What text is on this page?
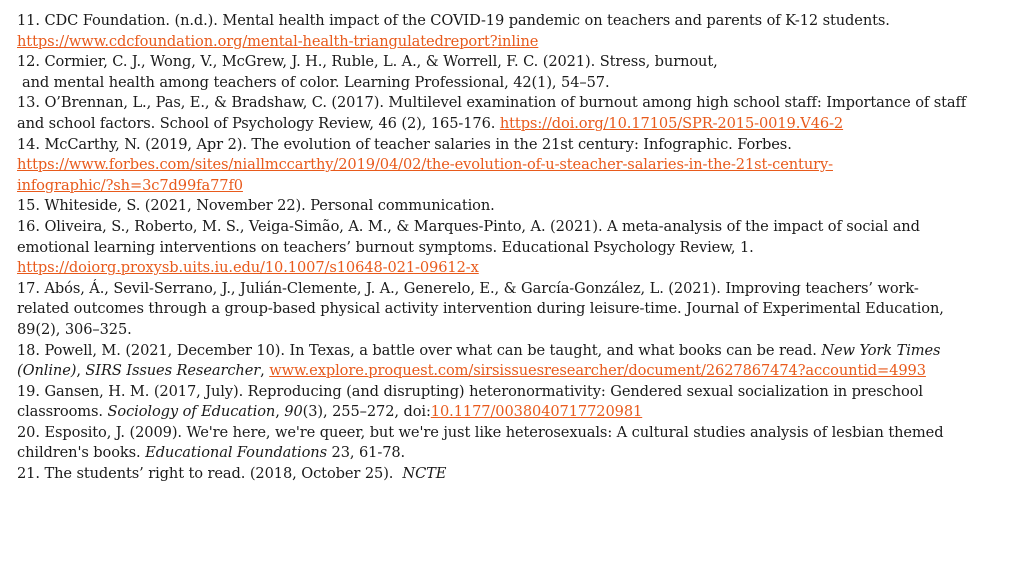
11. CDC Foundation. (n.d.). Mental health impact of the COVID-19 pandemic on teachers and parents of K-12 students.
https://www.cdcfoundation.org/mental-health-triangulatedreport?inline
12. Cormier, C. J., Wong, V., McGrew, J. H., Ruble, L. A., & Worrell, F. C. (2021). Stress, burnout,
and mental health among teachers of color. Learning Professional, 42(1), 54–57.
13. O’Brennan, L., Pas, E., & Bradshaw, C. (2017). Multilevel examination of burnout among high school staff: Importance of staff
and school factors. School of Psychology Review, 46 (2), 165-176. https://doi.org/10.17105/SPR-2015-0019.V46-2
14. McCarthy, N. (2019, Apr 2). The evolution of teacher salaries in the 21st century: Infographic. Forbes.
https://www.forbes.com/sites/niallmccarthy/2019/04/02/the-evolution-of-u-steacher-salaries-in-the-21st-century-
infographic/?sh=3c7d99fa77f0
15. Whiteside, S. (2021, November 22). Personal communication.
16. Oliveira, S., Roberto, M. S., Veiga-Simão, A. M., & Marques-Pinto, A. (2021). A meta-analysis of the impact of social and
emotional learning interventions on teachers’ burnout symptoms. Educational Psychology Review, 1.
https://doiorg.proxysb.uits.iu.edu/10.1007/s10648-021-09612-x
17. Abós, Á., Sevil-Serrano, J., Julián-Clemente, J. A., Generelo, E., & García-González, L. (2021). Improving teachers’ work-
related outcomes through a group-based physical activity intervention during leisure-time. Journal of Experimental Education,
89(2), 306–325.
18. Powell, M. (2021, December 10). In Texas, a battle over what can be taught, and what books can be read. New York Times
(Online), SIRS Issues Researcher, www.explore.proquest.com/sirsissuesresearcher/document/2627867474?accountid=4993
19. Gansen, H. M. (2017, July). Reproducing (and disrupting) heteronormativity: Gendered sexual socialization in preschool
classrooms. Sociology of Education, 90(3), 255–272, doi:10.1177/0038040717720981
20. Esposito, J. (2009). We're here, we're queer, but we're just like heterosexuals: A cultural studies analysis of lesbian themed
children's books. Educational Foundations 23, 61-78.
21. The students’ right to read. (2018, October 25).  NCTE
